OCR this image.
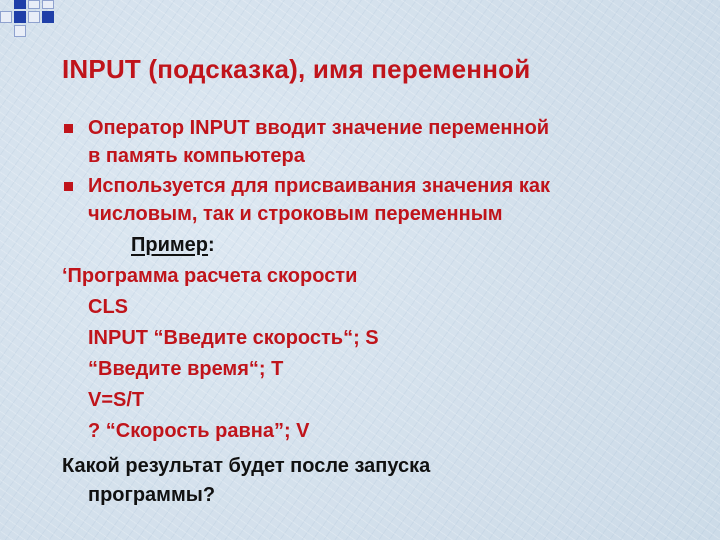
INPUT (подсказка), имя переменной
Оператор INPUT вводит значение переменной
в память компьютера
Используется для присваивания значения как
числовым, так и строковым переменным
Пример:
‘Программа расчета скорости
CLS
INPUT “Введите скорость“; S
“Введите время“; T
V=S/T
? “Скорость равна”; V
Какой результат будет после запуска
программы?
